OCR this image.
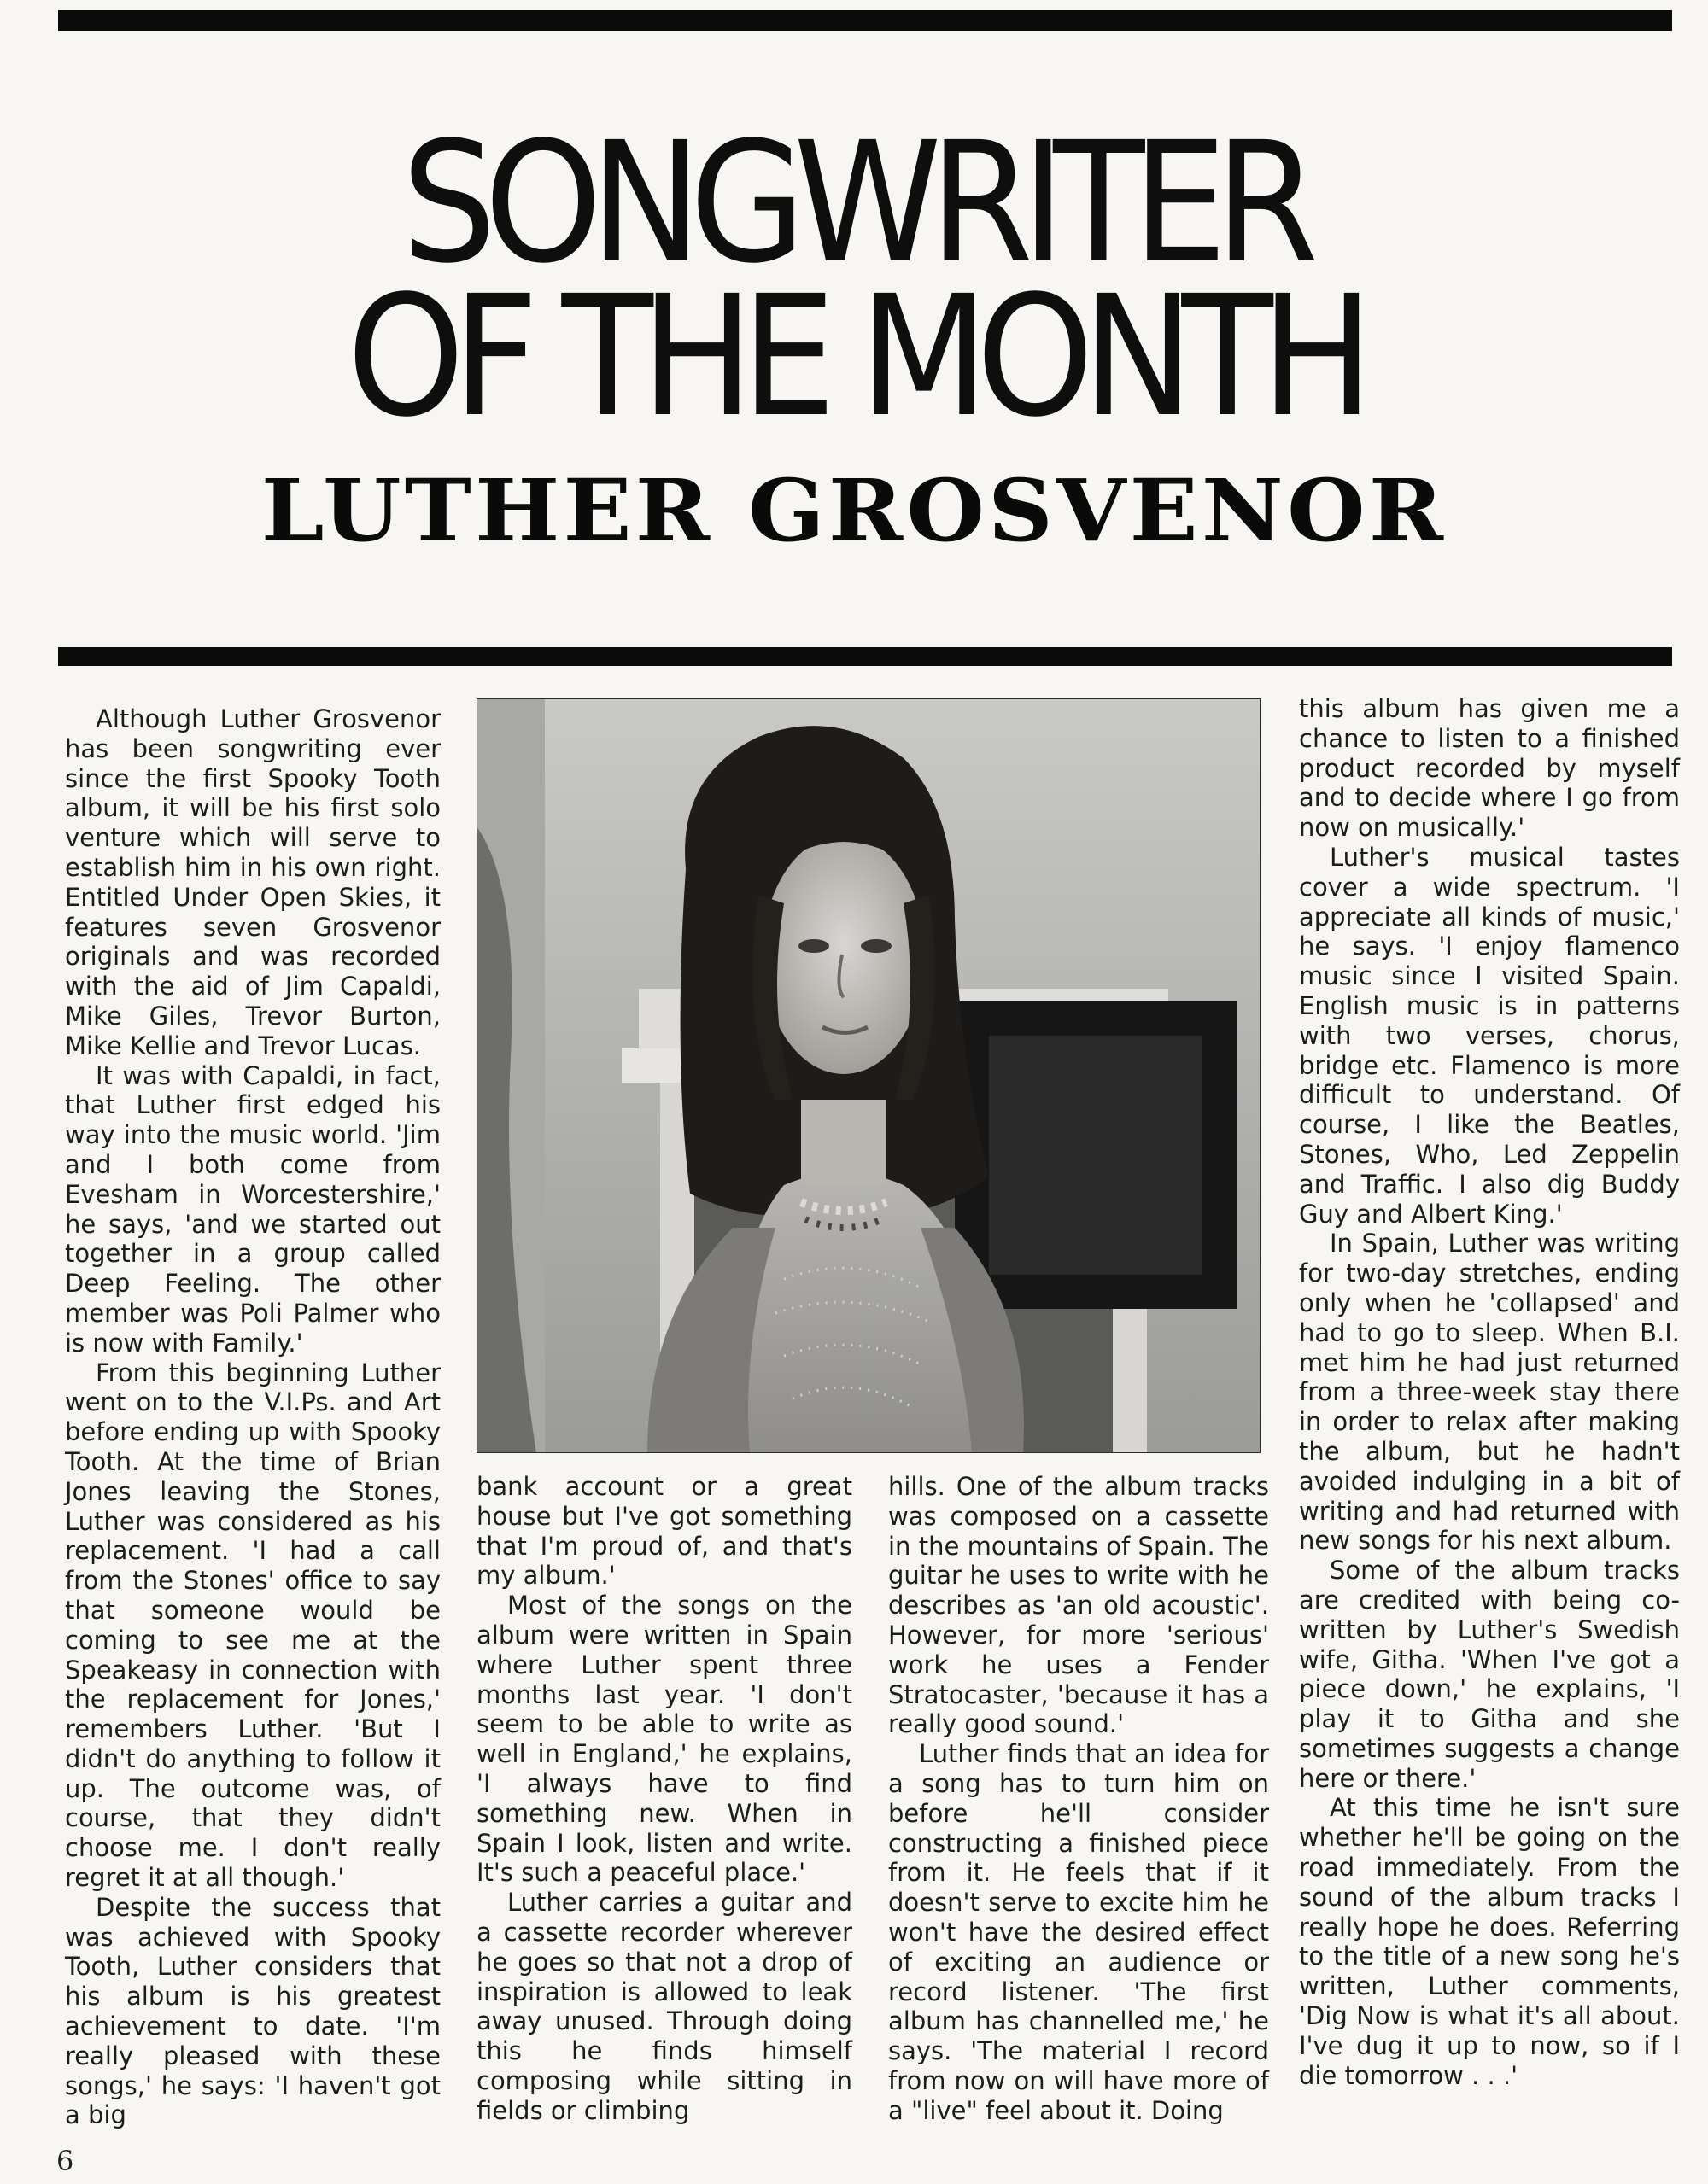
SONGWRITER
OF THE MONTH
LUTHER GROSVENOR

Although Luther Grosvenor has been songwriting ever since the first Spooky Tooth album, it will be his first solo venture which will serve to establish him in his own right. Entitled Under Open Skies, it features seven Grosvenor originals and was recorded with the aid of Jim Capaldi, Mike Giles, Trevor Burton, Mike Kellie and Trevor Lucas.

It was with Capaldi, in fact, that Luther first edged his way into the music world. 'Jim and I both come from Evesham in Worcestershire,' he says, 'and we started out together in a group called Deep Feeling. The other member was Poli Palmer who is now with Family.'

From this beginning Luther went on to the V.I.Ps. and Art before ending up with Spooky Tooth. At the time of Brian Jones leaving the Stones, Luther was considered as his replacement. 'I had a call from the Stones' office to say that someone would be coming to see me at the Speakeasy in connection with the replacement for Jones,' remembers Luther. 'But I didn't do anything to follow it up. The outcome was, of course, that they didn't choose me. I don't really regret it at all though.'

Despite the success that was achieved with Spooky Tooth, Luther considers that his album is his greatest achievement to date. 'I'm really pleased with these songs,' he says: 'I haven't got a big

bank account or a great house but I've got something that I'm proud of, and that's my album.'

Most of the songs on the album were written in Spain where Luther spent three months last year. 'I don't seem to be able to write as well in England,' he explains, 'I always have to find something new. When in Spain I look, listen and write. It's such a peaceful place.'

Luther carries a guitar and a cassette recorder wherever he goes so that not a drop of inspiration is allowed to leak away unused. Through doing this he finds himself composing while sitting in fields or climbing

hills. One of the album tracks was composed on a cassette in the mountains of Spain. The guitar he uses to write with he describes as 'an old acoustic'. However, for more 'serious' work he uses a Fender Stratocaster, 'because it has a really good sound.'

Luther finds that an idea for a song has to turn him on before he'll consider constructing a finished piece from it. He feels that if it doesn't serve to excite him he won't have the desired effect of exciting an audience or record listener. 'The first album has channelled me,' he says. 'The material I record from now on will have more of a "live" feel about it. Doing

this album has given me a chance to listen to a finished product recorded by myself and to decide where I go from now on musically.'

Luther's musical tastes cover a wide spectrum. 'I appreciate all kinds of music,' he says. 'I enjoy flamenco music since I visited Spain. English music is in patterns with two verses, chorus, bridge etc. Flamenco is more difficult to understand. Of course, I like the Beatles, Stones, Who, Led Zeppelin and Traffic. I also dig Buddy Guy and Albert King.'

In Spain, Luther was writing for two-day stretches, ending only when he 'collapsed' and had to go to sleep. When B.I. met him he had just returned from a three-week stay there in order to relax after making the album, but he hadn't avoided indulging in a bit of writing and had returned with new songs for his next album.

Some of the album tracks are credited with being co-written by Luther's Swedish wife, Githa. 'When I've got a piece down,' he explains, 'I play it to Githa and she sometimes suggests a change here or there.'

At this time he isn't sure whether he'll be going on the road immediately. From the sound of the album tracks I really hope he does. Referring to the title of a new song he's written, Luther comments, 'Dig Now is what it's all about. I've dug it up to now, so if I die tomorrow . . .'

6
